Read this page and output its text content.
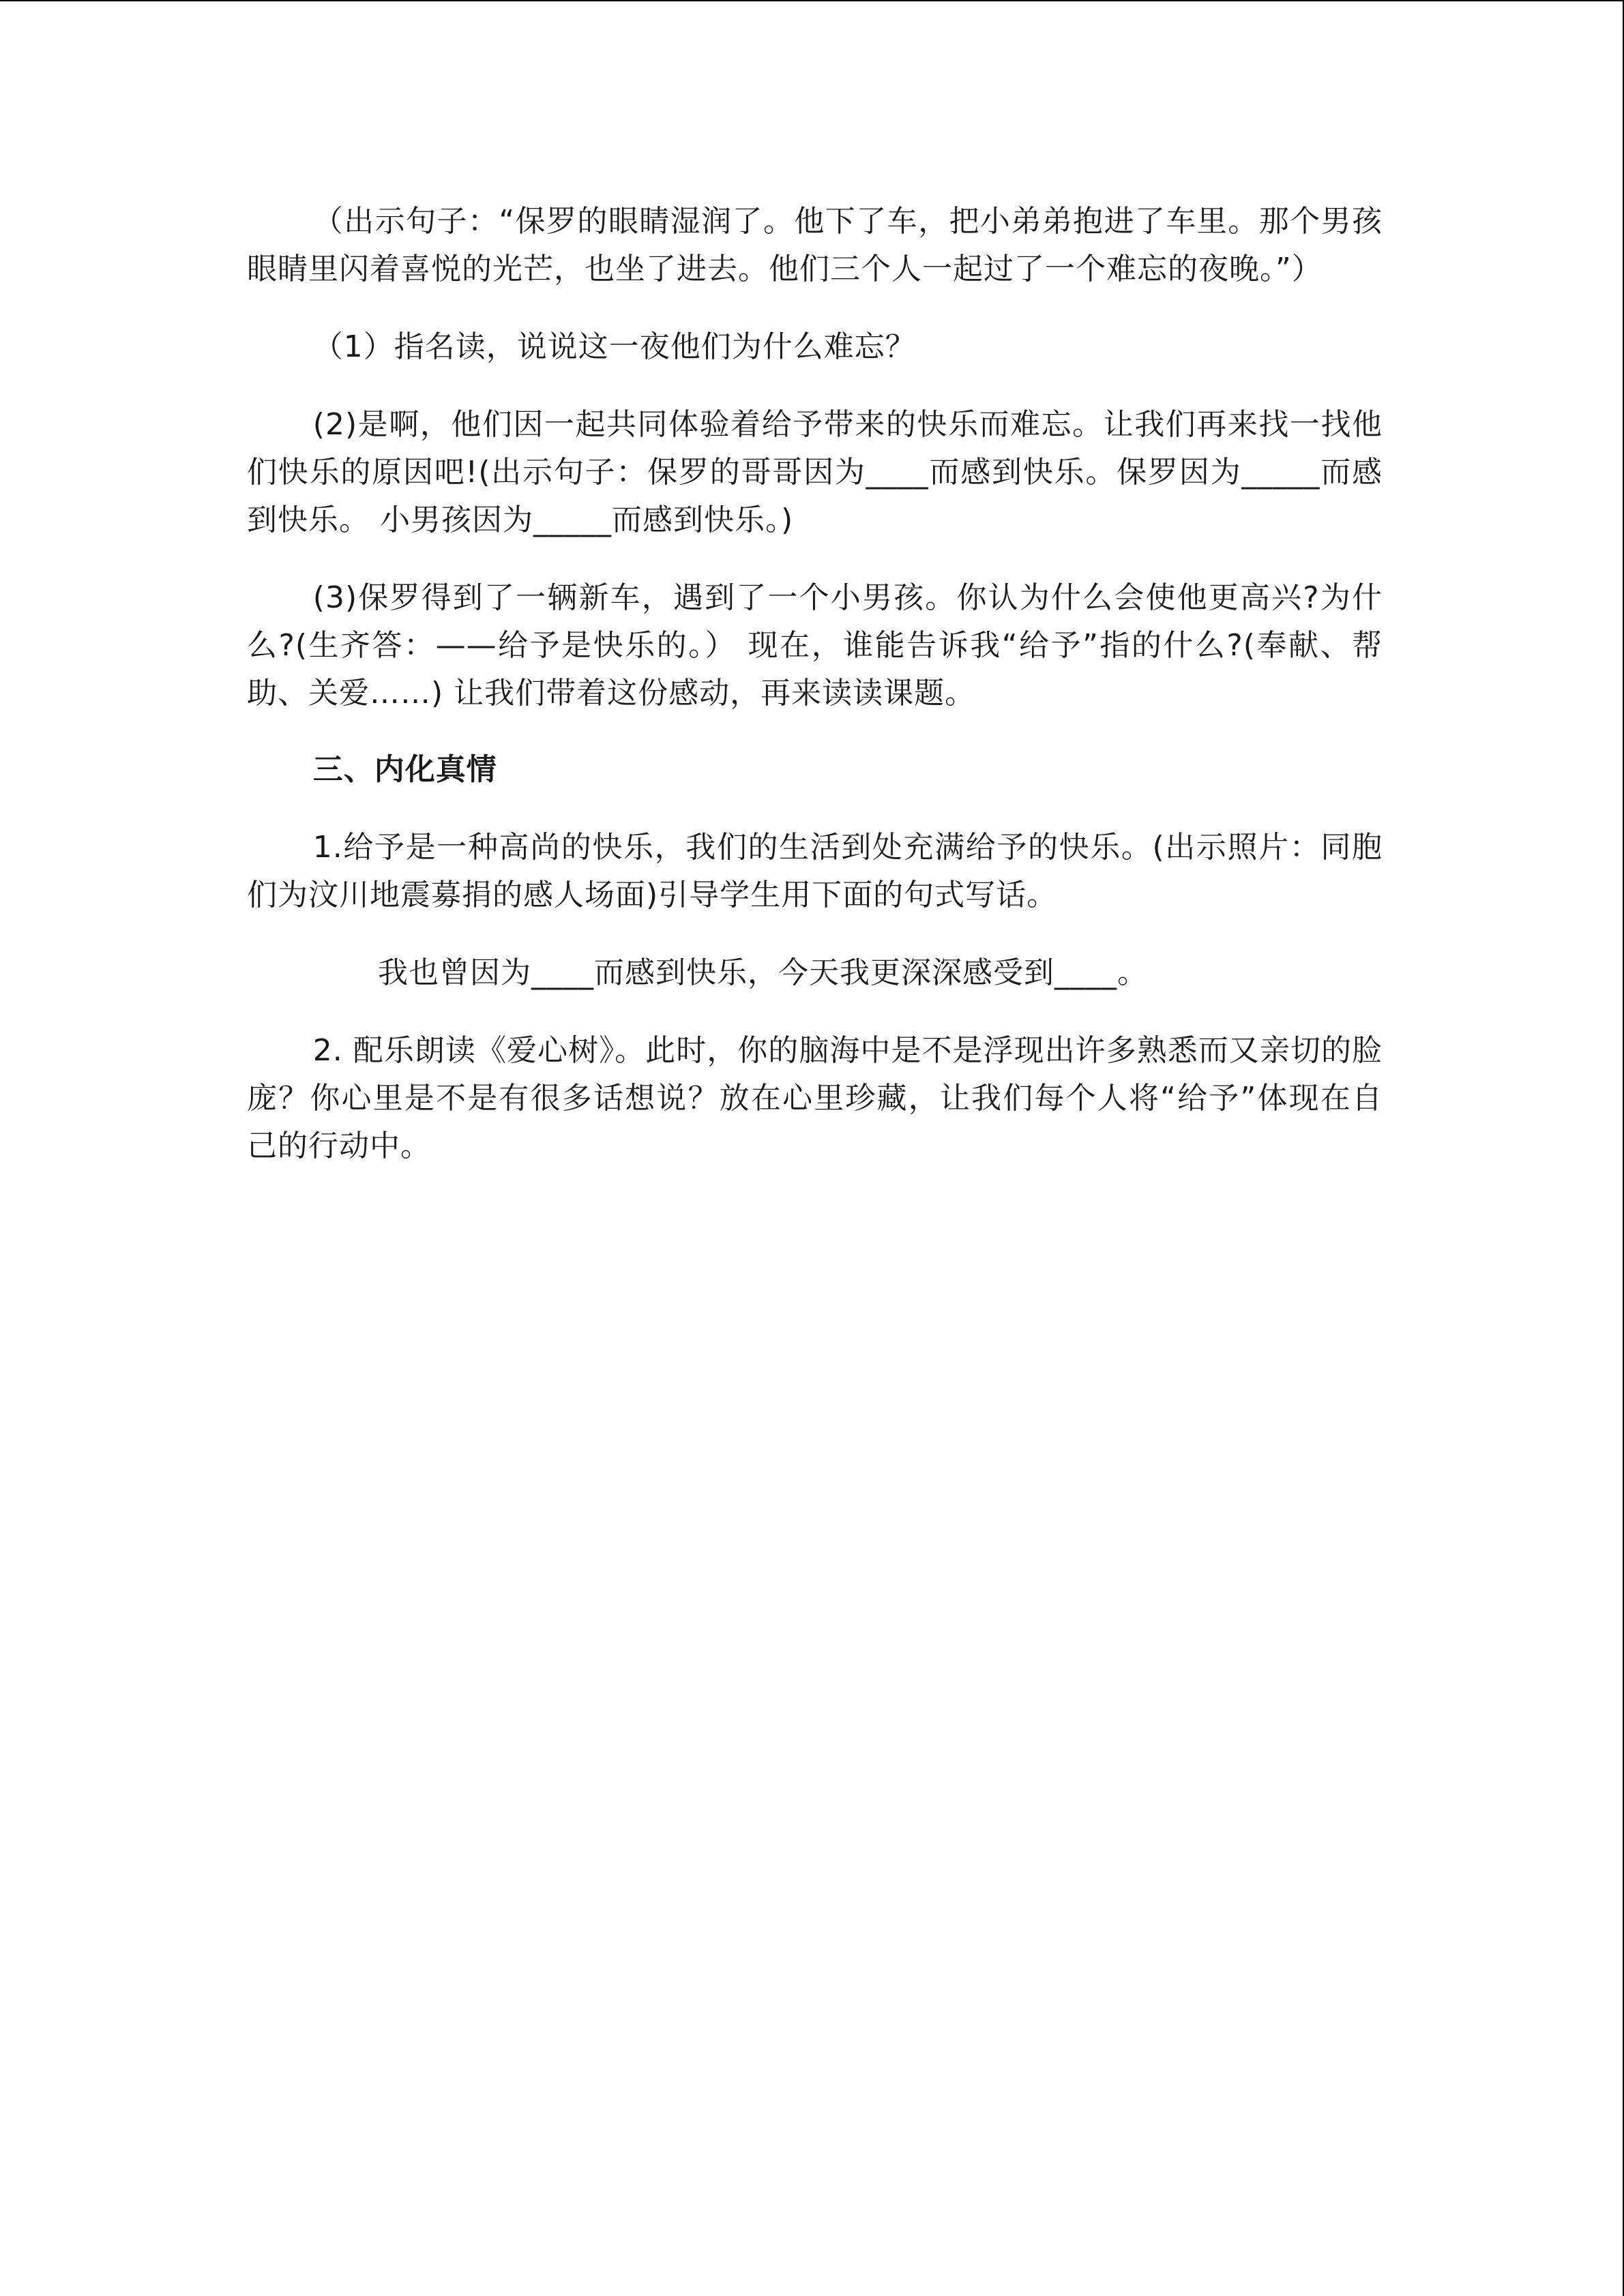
（出示句子：“保罗的眼睛湿润了。他下了车，把小弟弟抱进了车里。那个男孩眼睛里闪着喜悦的光芒，也坐了进去。他们三个人一起过了一个难忘的夜晚。”）

（1）指名读，说说这一夜他们为什么难忘？

(2)是啊，他们因一起共同体验着给予带来的快乐而难忘。让我们再来找一找他们快乐的原因吧!(出示句子：保罗的哥哥因为____而感到快乐。保罗因为_____而感到快乐。 小男孩因为_____而感到快乐。)

(3)保罗得到了一辆新车，遇到了一个小男孩。你认为什么会使他更高兴?为什么?(生齐答：——给予是快乐的。） 现在，谁能告诉我“给予”指的什么?(奉献、帮助、关爱……) 让我们带着这份感动，再来读读课题。

三、内化真情

1.给予是一种高尚的快乐，我们的生活到处充满给予的快乐。(出示照片：同胞们为汶川地震募捐的感人场面)引导学生用下面的句式写话。

我也曾因为____而感到快乐，今天我更深深感受到____。

2. 配乐朗读《爱心树》。此时，你的脑海中是不是浮现出许多熟悉而又亲切的脸庞？你心里是不是有很多话想说？放在心里珍藏，让我们每个人将“给予”体现在自己的行动中。
